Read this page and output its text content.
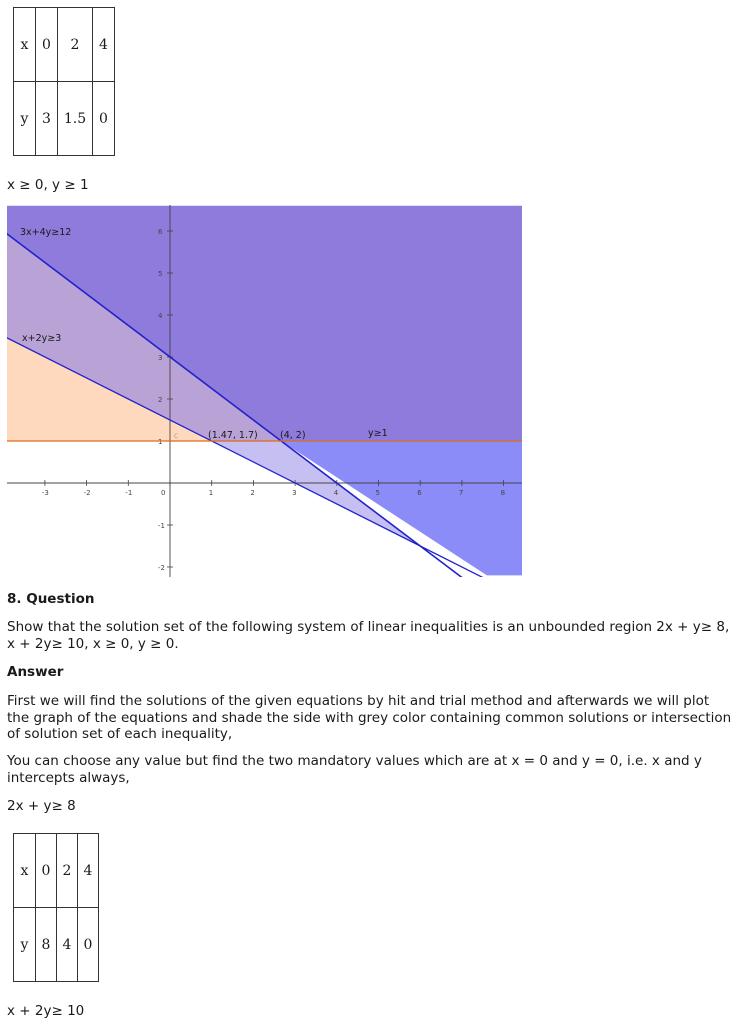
x	0	2	4
y	3	1.5	0
x ≥ 0, y ≥ 1
-3	-2	-1	0	1	2	3	4	5	6	7	8
6
5
4
3
2
1
-1
-2
3x+4y≥12
x+2y≥3
y≥1
(1.47, 1.7) (4, 2)
C
8. Question
Show that the solution set of the following system of linear inequalities is an unbounded region 2x + y≥ 8, x + 2y≥ 10, x ≥ 0, y ≥ 0.
Answer
First we will find the solutions of the given equations by hit and trial method and afterwards we will plot the graph of the equations and shade the side with grey color containing common solutions or intersection of solution set of each inequality,
You can choose any value but find the two mandatory values which are at x = 0 and y = 0, i.e. x and y intercepts always,
2x + y≥ 8
x	0	2	4
y	8	4	0
x + 2y≥ 10
